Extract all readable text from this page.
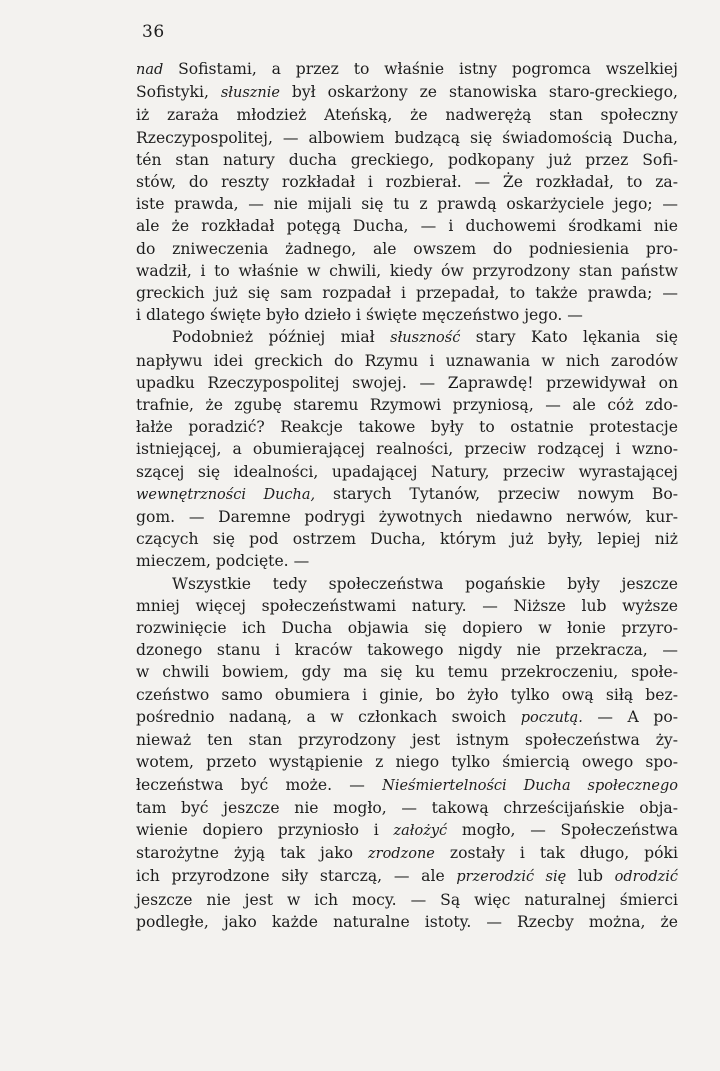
36
nad Sofistami, a przez to właśnie istny pogromca wszelkiej
Sofistyki, słusznie był oskarżony ze stanowiska staro-greckiego,
iż zaraża młodzież Ateńską, że nadwerężą stan społeczny
Rzeczypospolitej, — albowiem budzącą się świadomością Ducha,
tén stan natury ducha greckiego, podkopany już przez Sofi-
stów, do reszty rozkładał i rozbierał. — Że rozkładał, to za-
iste prawda, — nie mijali się tu z prawdą oskarżyciele jego; —
ale że rozkładał potęgą Ducha, — i duchowemi środkami nie
do zniweczenia żadnego, ale owszem do podniesienia pro-
wadził, i to właśnie w chwili, kiedy ów przyrodzony stan państw
greckich już się sam rozpadał i przepadał, to także prawda; —
i dlatego święte było dzieło i święte męczeństwo jego. —
Podobnież później miał słuszność stary Kato lękania się
napływu idei greckich do Rzymu i uznawania w nich zarodów
upadku Rzeczypospolitej swojej. — Zaprawdę! przewidywał on
trafnie, że zgubę staremu Rzymowi przyniosą, — ale cóż zdo-
łałże poradzić? Reakcje takowe były to ostatnie protestacje
istniejącej, a obumierającej realności, przeciw rodzącej i wzno-
szącej się idealności, upadającej Natury, przeciw wyrastającej
wewnętrzności Ducha, starych Tytanów, przeciw nowym Bo-
gom. — Daremne podrygi żywotnych niedawno nerwów, kur-
czących się pod ostrzem Ducha, którym już były, lepiej niż
mieczem, podcięte. —
Wszystkie tedy społeczeństwa pogańskie były jeszcze
mniej więcej społeczeństwami natury. — Niższe lub wyższe
rozwinięcie ich Ducha objawia się dopiero w łonie przyro-
dzonego stanu i kraców takowego nigdy nie przekracza, —
w chwili bowiem, gdy ma się ku temu przekroczeniu, społe-
czeństwo samo obumiera i ginie, bo żyło tylko ową siłą bez-
pośrednio nadaną, a w członkach swoich poczutą. — A po-
nieważ ten stan przyrodzony jest istnym społeczeństwa ży-
wotem, przeto wystąpienie z niego tylko śmiercią owego spo-
łeczeństwa być może. — Nieśmiertelności Ducha społecznego
tam być jeszcze nie mogło, — takową chrześcijańskie obja-
wienie dopiero przyniosło i założyć mogło, — Społeczeństwa
starożytne żyją tak jako zrodzone zostały i tak długo, póki
ich przyrodzone siły starczą, — ale przerodzić się lub odrodzić
jeszcze nie jest w ich mocy. — Są więc naturalnej śmierci
podległe, jako każde naturalne istoty. — Rzecby można, że
